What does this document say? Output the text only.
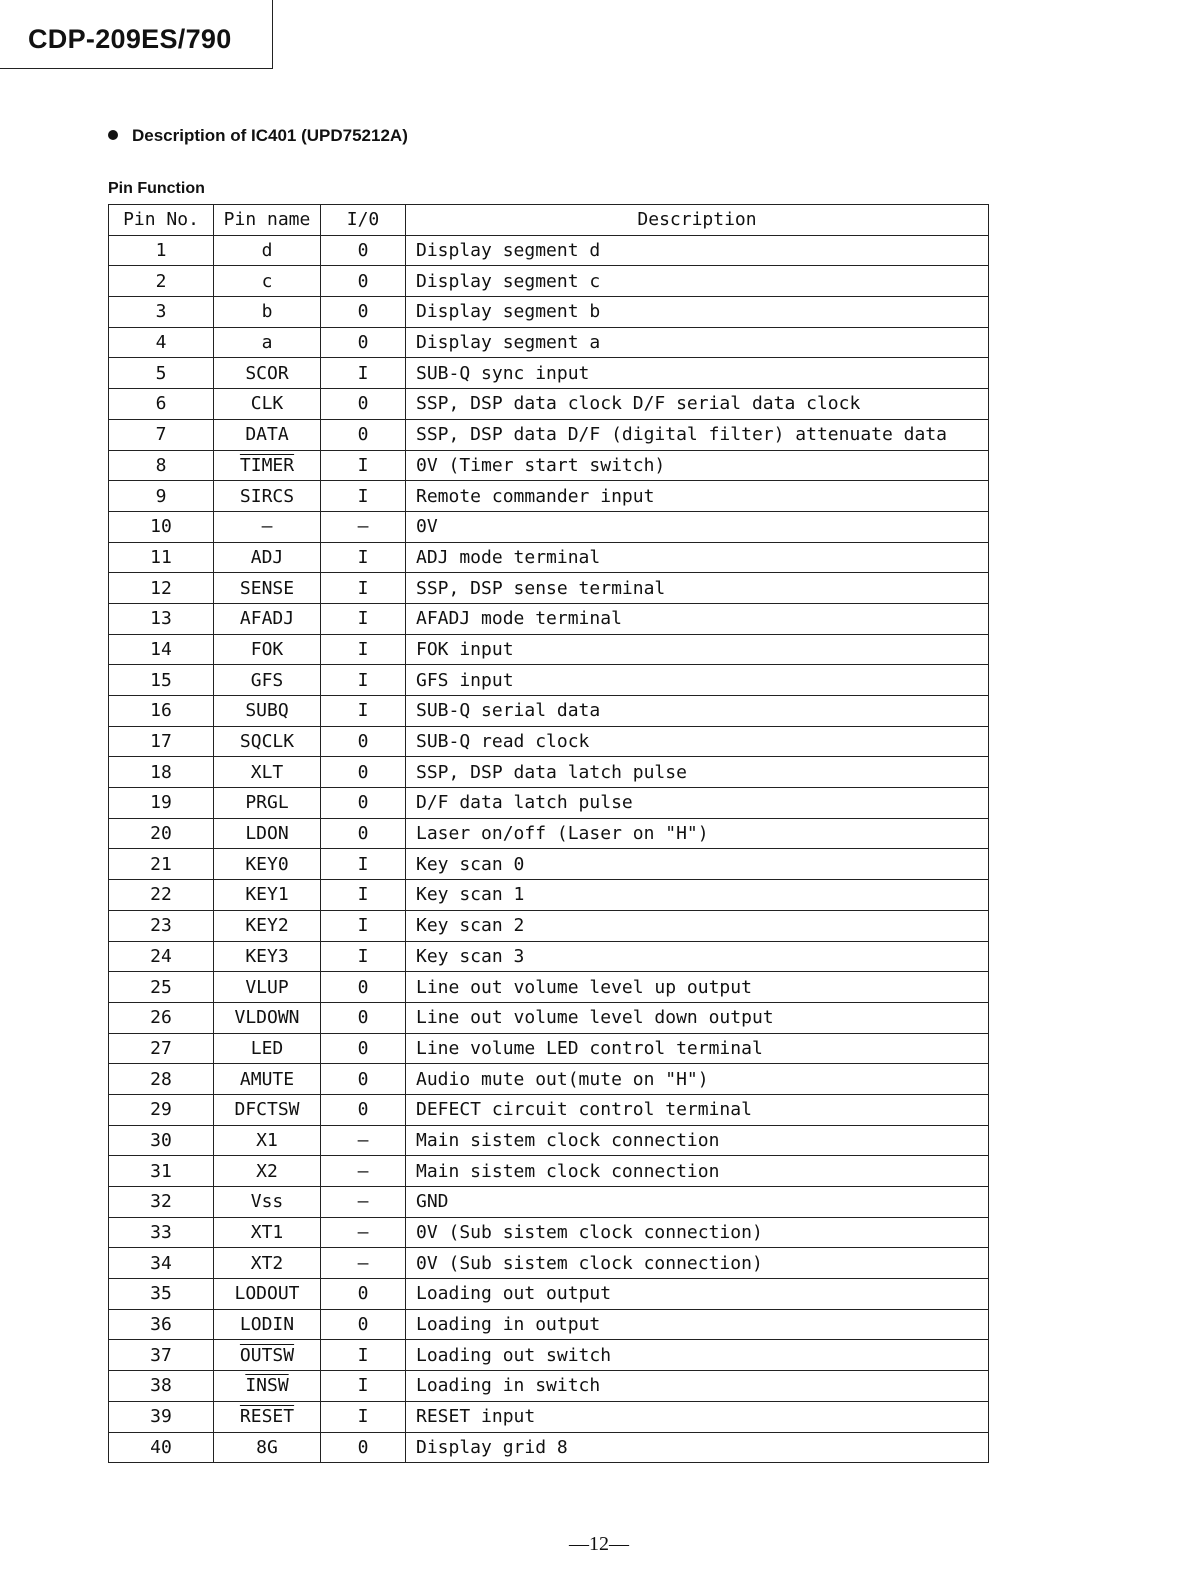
CDP-209ES/790
Description of IC401 (UPD75212A)
Pin Function
Pin No.	Pin name	I/0	Description
1	d	0	Display segment d
2	c	0	Display segment c
3	b	0	Display segment b
4	a	0	Display segment a
5	SCOR	I	SUB-Q sync input
6	CLK	0	SSP, DSP data clock D/F serial data clock
7	DATA	0	SSP, DSP data D/F (digital filter) attenuate data
8	TIMER	I	0V (Timer start switch)
9	SIRCS	I	Remote commander input
10	—	—	0V
11	ADJ	I	ADJ mode terminal
12	SENSE	I	SSP, DSP sense terminal
13	AFADJ	I	AFADJ mode terminal
14	FOK	I	FOK input
15	GFS	I	GFS input
16	SUBQ	I	SUB-Q serial data
17	SQCLK	0	SUB-Q read clock
18	XLT	0	SSP, DSP data latch pulse
19	PRGL	0	D/F data latch pulse
20	LDON	0	Laser on/off (Laser on "H")
21	KEY0	I	Key scan 0
22	KEY1	I	Key scan 1
23	KEY2	I	Key scan 2
24	KEY3	I	Key scan 3
25	VLUP	0	Line out volume level up output
26	VLDOWN	0	Line out volume level down output
27	LED	0	Line volume LED control terminal
28	AMUTE	0	Audio mute out(mute on "H")
29	DFCTSW	0	DEFECT circuit control terminal
30	X1	—	Main sistem clock connection
31	X2	—	Main sistem clock connection
32	Vss	—	GND
33	XT1	—	0V (Sub sistem clock connection)
34	XT2	—	0V (Sub sistem clock connection)
35	LODOUT	0	Loading out output
36	LODIN	0	Loading in output
37	OUTSW	I	Loading out switch
38	INSW	I	Loading in switch
39	RESET	I	RESET input
40	8G	0	Display grid 8
—12—
